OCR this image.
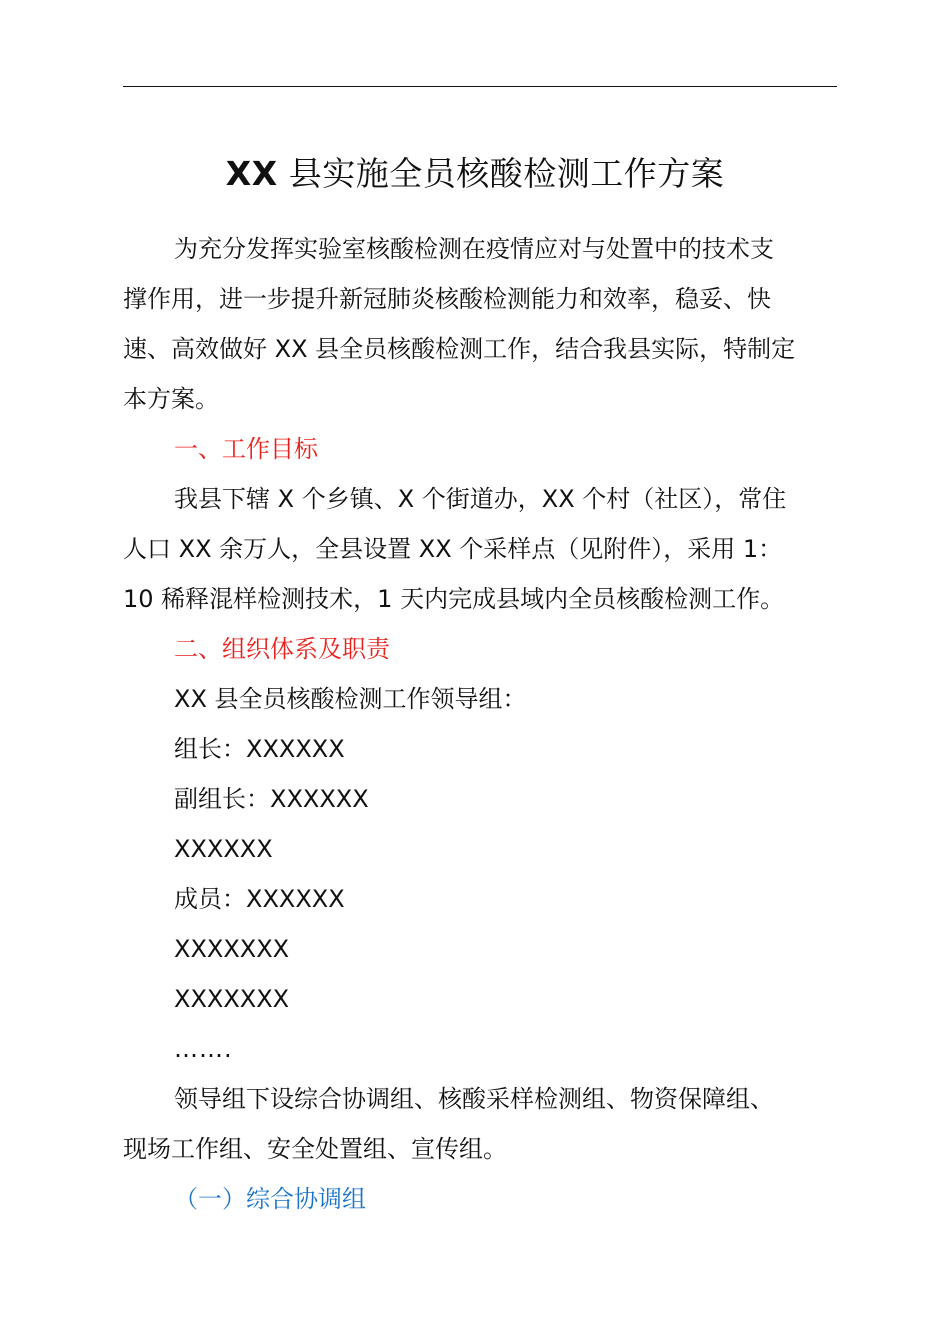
XX 县实施全员核酸检测工作方案

为充分发挥实验室核酸检测在疫情应对与处置中的技术支

撑作用，进一步提升新冠肺炎核酸检测能力和效率，稳妥、快

速、高效做好 XX 县全员核酸检测工作，结合我县实际，特制定

本方案。

一、工作目标

我县下辖 X 个乡镇、X 个街道办，XX 个村（社区），常住

人口 XX 余万人，全县设置 XX 个采样点（见附件），采用 1：

10 稀释混样检测技术，1 天内完成县域内全员核酸检测工作。

二、组织体系及职责

XX 县全员核酸检测工作领导组：

组长：XXXXXX

副组长：XXXXXX

XXXXXX

成员：XXXXXX

XXXXXXX

XXXXXXX

…….

领导组下设综合协调组、核酸采样检测组、物资保障组、

现场工作组、安全处置组、宣传组。

（一）综合协调组
